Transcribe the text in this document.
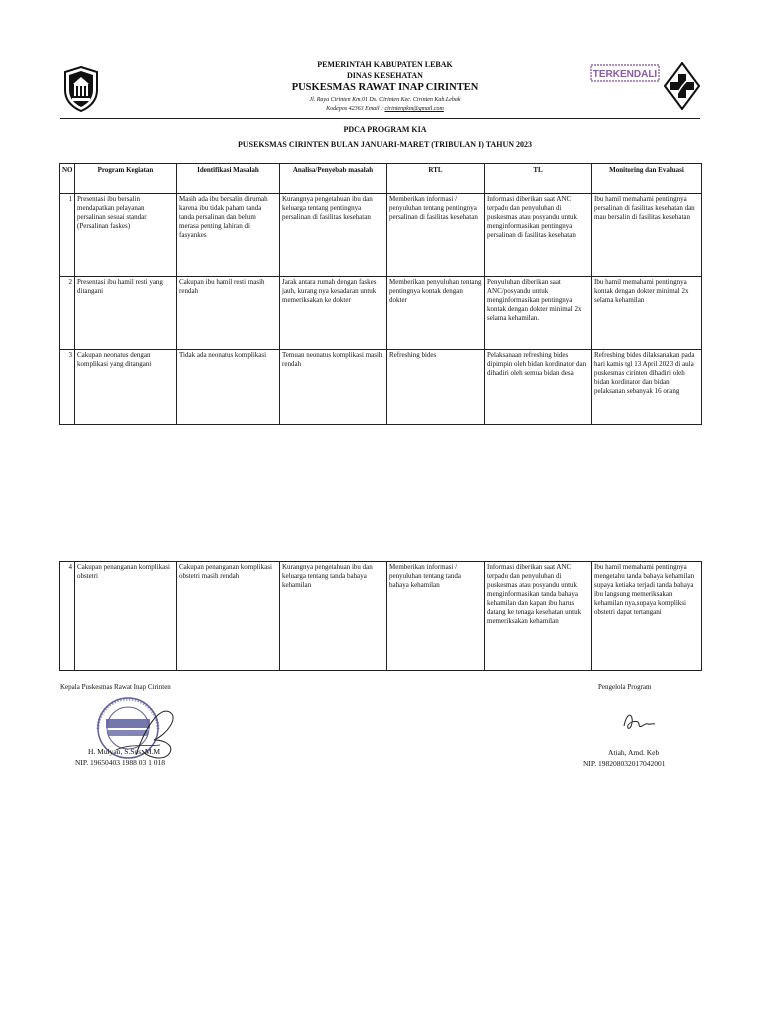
PEMERINTAH KABUPATEN LEBAK
DINAS KESEHATAN
PUSKESMAS RAWAT INAP CIRINTEN
Jl. Raya Cirinten Km.01 Ds. Cirinten Kec. Cirinten Kab.Lebak
Kodepos 42363 Email : cirintenpkm@gmail.com
TERKENDALI
PDCA PROGRAM KIA
PUSEKSMAS CIRINTEN BULAN JANUARI-MARET (TRIBULAN I) TAHUN 2023
NO	Program Kegiatan	Identifikasi Masalah	Analisa/Penyebab masalah	RTL	TL	Monitoring dan Evaluasi
1	Presentasi ibu bersalin mendapatkan pelayanan persalinan sesuai standar (Persalinan faskes)	Masih ada ibu bersalin dirumah karena ibu tidak paham tanda tanda persalinan dan belum merasa penting lahiran di fasyankes	Kurangnya pengetahuan ibu dan keluarga tentang pentingnya persalinan di fasilitas kesehatan	Memberikan informasi / penyuluhan tentang pentingnya persalinan di fasilitas kesehatan	Informasi diberikan saat ANC terpadu dan penyuluhan di puskesmas atau posyandu untuk menginformasikan pentingnya persalinan di fasilitas kesehatan	Ibu hamil memahami pentingnya persalinan di fasilitas kesehatan dan mau bersalin di fasilitas kesehatan
2	Presentasi ibu hamil resti yang ditangani	Cakupan ibu hamil resti masih rendah	Jarak antara rumah dengan faskes jauh, kurang nya kesadaran untuk memeriksakan ke dokter	Memberikan penyuluhan tentang pentingnya kontak dengan dokter	Penyuluhan diberikan saat ANC/posyandu untuk menginformasikan pentingnya kontak dengan dokter minimal 2x selama kehamilan.	Ibu hamil memahami pentingnya kontak dengan dokter minimal 2x selama kehamilan
3	Cakupan neonatus dengan komplikasi yang ditangani	Tidak ada neonatus komplikasi	Temuan neonatus komplikasi masih rendah	Refreshing bides	Pelaksanaan refreshing bides dipimpin oleh bidan kordinator dan dihadiri oleh semua bidan desa	Refreshing bides dilaksanakan pada hari kamis tgl 13 April 2023 di aula puskesmas cirinten dihadiri oleh bidan kordinator dan bidan pelaksanan sebanyak 16 orang

4	Cakupan penanganan komplikasi obstetri	Cakupan penanganan komplikasi obstetri masih rendah	Kurangnya pengetahuan ibu dan keluarga tentang tanda bahaya kehamilan	Memberikan informasi / penyuluhan tentang tanda bahaya kehamilan	Informasi diberikan saat ANC terpadu dan penyuluhan di puskesmas atau posyandu untuk menginformasikan tanda bahaya kehamilan dan kapan ibu harus datang ke tenaga kesehatan untuk memeriksakan kehamilan	Ibu hamil memahami pentingnya mengetahu tanda bahaya kehamilan supaya ketiaka terjadi tanda bahaya ibu langsung memeriksakan kehamilan nya,supaya kompliksi obstetri dapat tertangani
Kepala Puskesmas Rawat Inap Cirinten	Pengelola Program
H. Mulyan, S.Sos, M.M
NIP. 19650403 1988 03 1 018
Atiah, Amd. Keb
NIP. 198208032017042001
